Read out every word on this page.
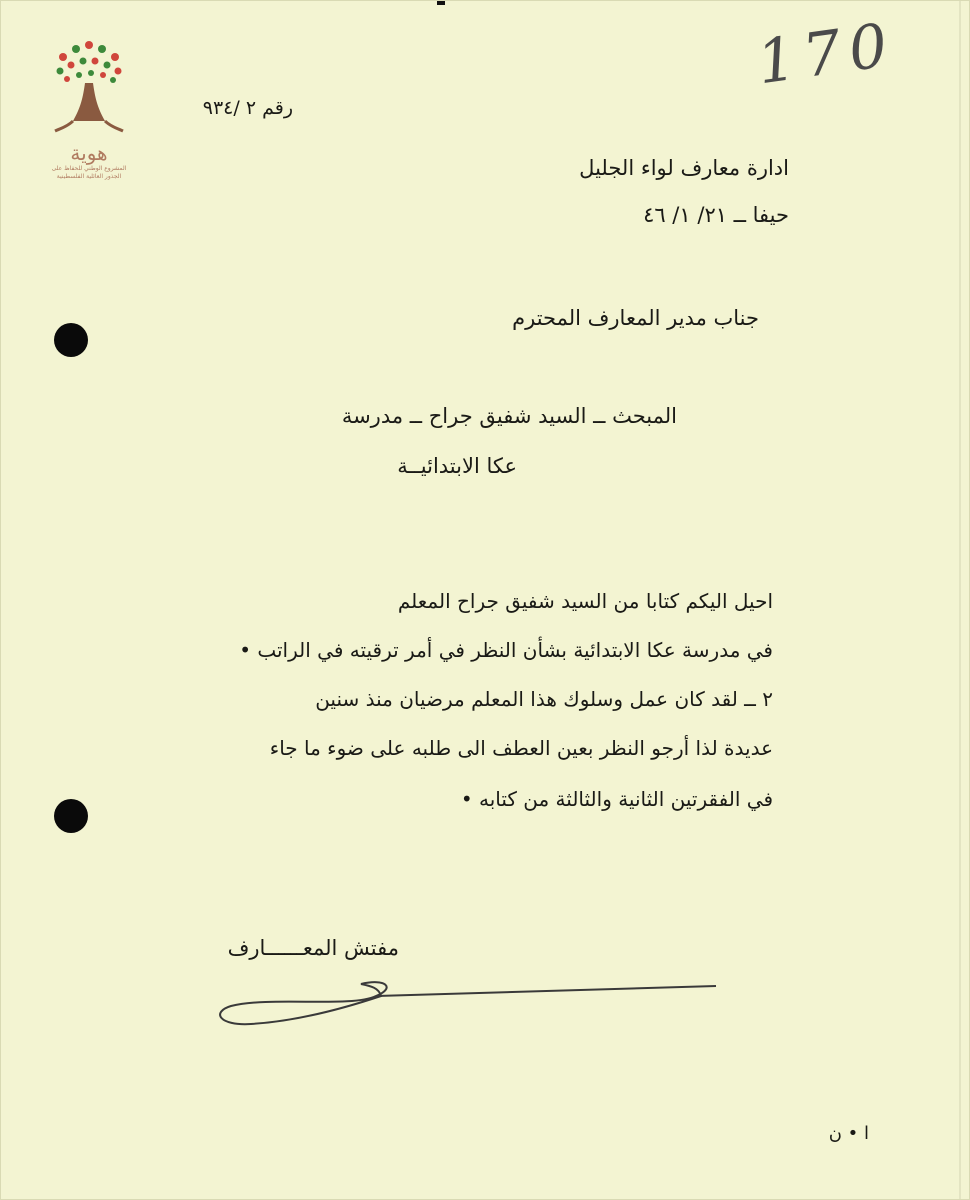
هوية
المشروع الوطني للحفاظ على الجذور العائلية الفلسطينية
170
رقم ٢ /٩٣٤
ادارة معارف لواء الجليل
حيفا ــ ٢١/ ١/ ٤٦
جناب مدير المعارف المحترم
المبحث ــ السيد شفيق جراح ــ مدرسة
عكا الابتدائيــة
احيل اليكم كتابا من السيد شفيق جراح المعلم
في مدرسة عكا الابتدائية بشأن النظر في أمر ترقيته في الراتب •
٢ ــ لقد كان عمل وسلوك هذا المعلم مرضيان منذ سنين
عديدة لذا أرجو النظر بعين العطف الى طلبه على ضوء ما جاء
في الفقرتين الثانية والثالثة من كتابه •
مفتش المعــــــارف
ا • ن
